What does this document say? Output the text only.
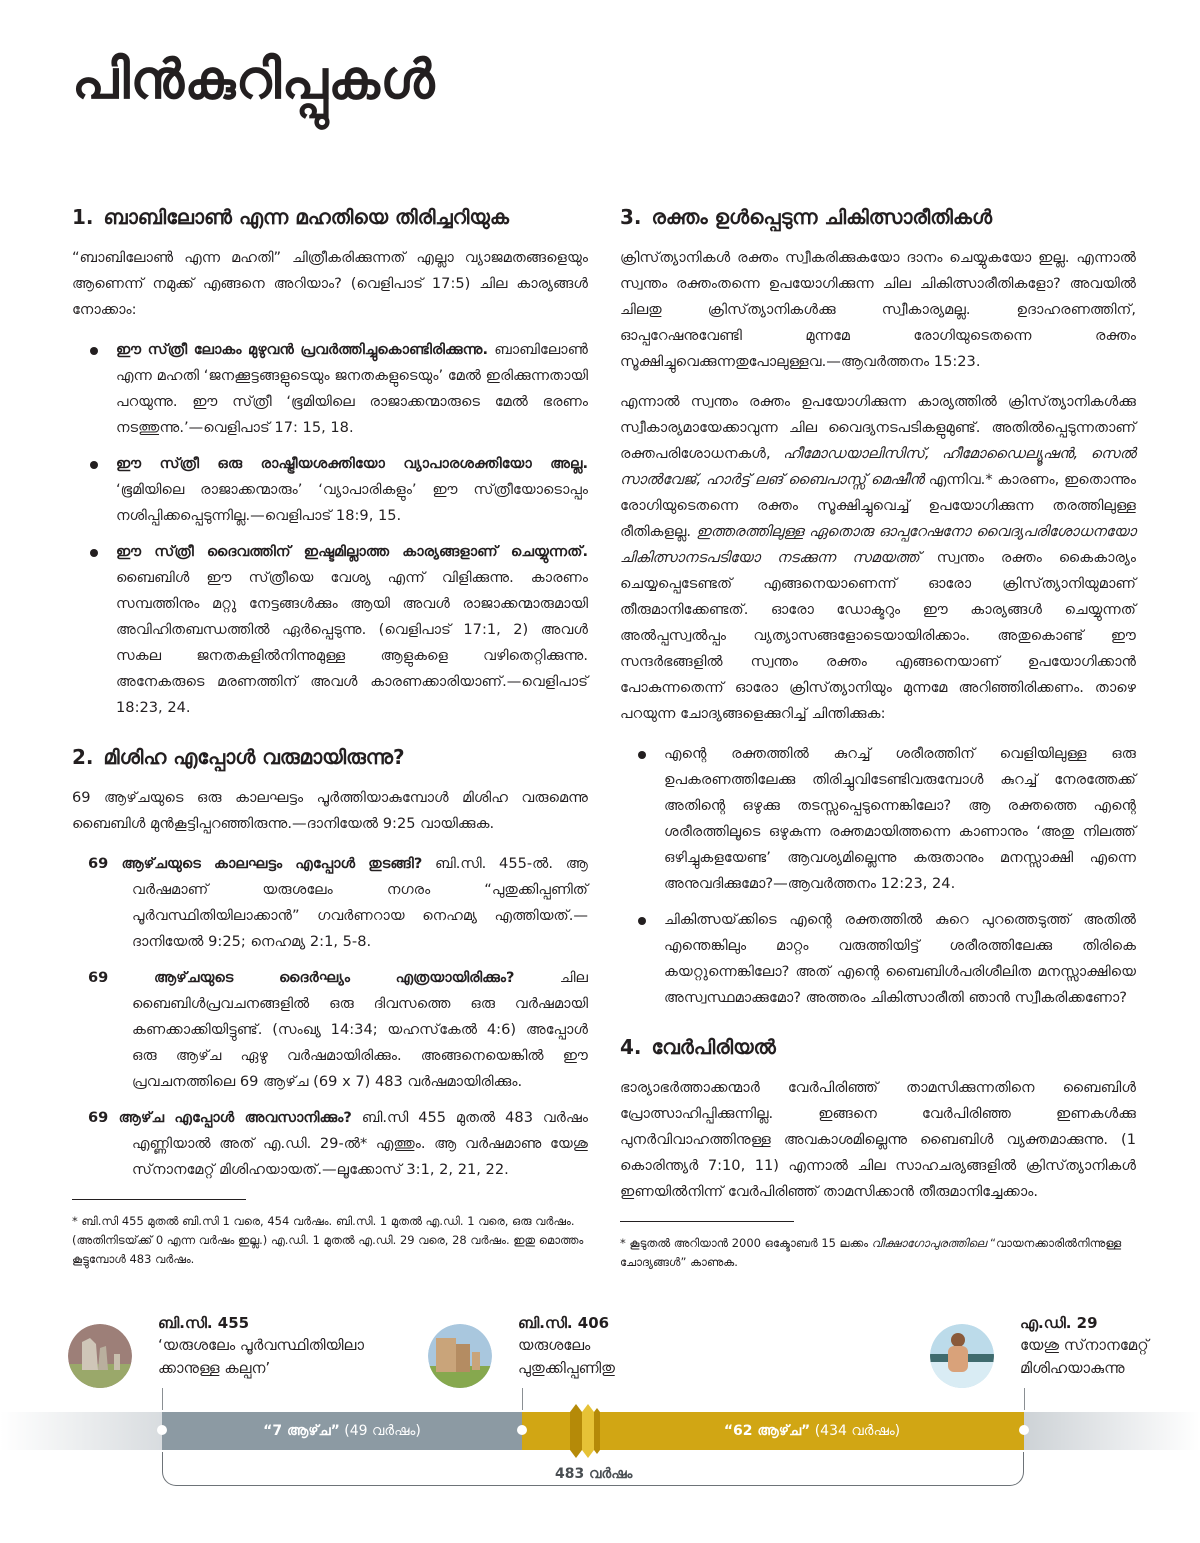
പിൻകുറിപ്പുകൾ
1. ബാബിലോൺ എന്ന മഹതിയെ തിരിച്ചറിയുക

“ബാബിലോൺ എന്ന മഹതി” ചിത്രീകരിക്കുന്നത് എല്ലാ വ്യാജമതങ്ങളെയും ആണെന്ന് നമുക്ക് എങ്ങനെ അറിയാം? (വെളിപാട് 17:5) ചില കാര്യങ്ങൾ നോക്കാം:

ഈ സ്‌ത്രീ ലോകം മുഴുവൻ പ്രവർത്തിച്ചുകൊണ്ടിരിക്കുന്നു. ബാബിലോൺ എന്ന മഹതി ‘ജനക്കൂട്ടങ്ങളുടെയും ജനതകളുടെയും’ മേൽ ഇരിക്കുന്നതായി പറയുന്നു. ഈ സ്‌ത്രീ ‘ഭൂമിയിലെ രാജാക്കന്മാരുടെ മേൽ ഭരണം നടത്തുന്നു.’—വെളിപാട് 17: 15, 18.
ഈ സ്‌ത്രീ ഒരു രാഷ്ട്രീയശക്തിയോ വ്യാപാരശക്തിയോ അല്ല. ‘ഭൂമിയിലെ രാജാക്കന്മാരും’ ‘വ്യാപാരികളും’ ഈ സ്‌ത്രീയോടൊപ്പം നശിപ്പിക്കപ്പെടുന്നില്ല.—വെളിപാട് 18:9, 15.
ഈ സ്‌ത്രീ ദൈവത്തിന് ഇഷ്ടമില്ലാത്ത കാര്യങ്ങളാണ് ചെയ്യുന്നത്. ബൈബിൾ ഈ സ്‌ത്രീയെ വേശ്യ എന്ന് വിളിക്കുന്നു. കാരണം സമ്പത്തിനും മറ്റു നേട്ടങ്ങൾക്കും ആയി അവൾ രാജാക്കന്മാരുമായി അവിഹിതബന്ധത്തിൽ ഏർപ്പെടുന്നു. (വെളിപാട് 17:1, 2) അവൾ സകല ജനതകളിൽനിന്നുമുള്ള ആളുകളെ വഴിതെറ്റിക്കുന്നു. അനേകരുടെ മരണത്തിന് അവൾ കാരണക്കാരിയാണ്.—വെളിപാട് 18:23, 24.
2. മിശിഹ എപ്പോൾ വരുമായിരുന്നു?

69 ആഴ്‌ചയുടെ ഒരു കാലഘട്ടം പൂർത്തിയാകുമ്പോൾ മിശിഹ വരുമെന്നു ബൈബിൾ മുൻകൂട്ടിപ്പറഞ്ഞിരുന്നു.—ദാനിയേൽ 9:25 വായിക്കുക.

69 ആഴ്‌ചയുടെ കാലഘട്ടം എപ്പോൾ തുടങ്ങി? ബി.സി. 455-ൽ. ആ വർഷമാണ് യരുശലേം നഗരം “പുതുക്കിപ്പണിത് പൂർവസ്ഥിതിയിലാക്കാൻ” ഗവർണറായ നെഹമ്യ എത്തിയത്.—ദാനിയേൽ 9:25; നെഹമ്യ 2:1, 5-8.
69 ആഴ്‌ചയുടെ ദൈർഘ്യം എത്രയായിരിക്കും? ചില ബൈബിൾപ്രവചനങ്ങളിൽ ഒരു ദിവസത്തെ ഒരു വർഷമായി കണക്കാക്കിയിട്ടുണ്ട്. (സംഖ്യ 14:34; യഹസ്‌കേൽ 4:6) അപ്പോൾ ഒരു ആഴ്‌ച ഏഴു വർഷമായിരിക്കും. അങ്ങനെയെങ്കിൽ ഈ പ്രവചനത്തിലെ 69 ആഴ്‌ച (69 x 7) 483 വർഷമായിരിക്കും.
69 ആഴ്‌ച എപ്പോൾ അവസാനിക്കും? ബി.സി 455 മുതൽ 483 വർഷം എണ്ണിയാൽ അത് എ.ഡി. 29-ൽ* എത്തും. ആ വർഷമാണു യേശു സ്‌നാനമേറ്റ് മിശിഹയായത്.—ലൂക്കോസ്‌ 3:1, 2, 21, 22.
* ബി.സി 455 മുതൽ ബി.സി 1 വരെ, 454 വർഷം. ബി.സി. 1 മുതൽ എ.ഡി. 1 വരെ, ഒരു വർഷം. (അതിനിടയ്‌ക്ക് 0 എന്ന വർഷം ഇല്ല.) എ.ഡി. 1 മുതൽ എ.ഡി. 29 വരെ, 28 വർഷം. ഇതു മൊത്തം കൂട്ടുമ്പോൾ 483 വർഷം.
3. രക്തം ഉൾപ്പെടുന്ന ചികിത്സാരീതികൾ

ക്രിസ്‌ത്യാനികൾ രക്തം സ്വീകരിക്കുകയോ ദാനം ചെയ്യുകയോ ഇല്ല. എന്നാൽ സ്വന്തം രക്തംതന്നെ ഉപയോഗിക്കുന്ന ചില ചികിത്സാരീതികളോ? അവയിൽ ചിലതു ക്രിസ്‌ത്യാനികൾക്കു സ്വീകാര്യമല്ല. ഉദാഹരണത്തിന്, ഓപ്പറേഷനുവേണ്ടി മുന്നമേ രോഗിയുടെതന്നെ രക്തം സൂക്ഷിച്ചുവെക്കുന്നതുപോലുള്ളവ.—ആവർത്തനം 15:23.

എന്നാൽ സ്വന്തം രക്തം ഉപയോഗിക്കുന്ന കാര്യത്തിൽ ക്രിസ്‌ത്യാനികൾക്കു സ്വീകാര്യമായേക്കാവുന്ന ചില വൈദ്യനടപടികളുമുണ്ട്. അതിൽപ്പെടുന്നതാണ് രക്തപരിശോധനകൾ, ഹീമോഡയാലിസിസ്‌, ഹീമോഡൈല്യൂഷൻ, സെൽ സാൽവേജ്‌, ഹാർട്ട്‌ ലങ്‌ ബൈപാസ്സ്‌ മെഷീൻ എന്നിവ.* കാരണം, ഇതൊന്നും രോഗിയുടെതന്നെ രക്തം സൂക്ഷിച്ചുവെച്ച് ഉപയോഗിക്കുന്ന തരത്തിലുള്ള രീതികളല്ല. ഇത്തരത്തിലുള്ള ഏതൊരു ഓപ്പറേഷനോ വൈദ്യപരിശോധനയോ ചികിത്സാനടപടിയോ നടക്കുന്ന സമയത്ത്‌ സ്വന്തം രക്തം കൈകാര്യം ചെയ്യപ്പെടേണ്ടത് എങ്ങനെയാണെന്ന് ഓരോ ക്രിസ്‌ത്യാനിയുമാണ് തീരുമാനിക്കേണ്ടത്. ഓരോ ഡോക്ടറും ഈ കാര്യങ്ങൾ ചെയ്യുന്നത് അൽപ്പസ്വൽപ്പം വ്യത്യാസങ്ങളോടെയായിരിക്കാം. അതുകൊണ്ട് ഈ സന്ദർഭങ്ങളിൽ സ്വന്തം രക്തം എങ്ങനെയാണ് ഉപയോഗിക്കാൻ പോകുന്നതെന്ന് ഓരോ ക്രിസ്‌ത്യാനിയും മുന്നമേ അറിഞ്ഞിരിക്കണം. താഴെ പറയുന്ന ചോദ്യങ്ങളെക്കുറിച്ച് ചിന്തിക്കുക:

എന്റെ രക്തത്തിൽ കുറച്ച് ശരീരത്തിന് വെളിയിലുള്ള ഒരു ഉപകരണത്തിലേക്കു തിരിച്ചുവിടേണ്ടിവരുമ്പോൾ കുറച്ച് നേരത്തേക്ക് അതിന്റെ ഒഴുക്കു തടസ്സപ്പെടുന്നെങ്കിലോ? ആ രക്തത്തെ എന്റെ ശരീരത്തിലൂടെ ഒഴുകുന്ന രക്തമായിത്തന്നെ കാണാനും ‘അതു നിലത്ത് ഒഴിച്ചുകളയേണ്ട’ ആവശ്യമില്ലെന്നു കരുതാനും മനസ്സാക്ഷി എന്നെ അനുവദിക്കുമോ?—ആവർത്തനം 12:23, 24.
ചികിത്സയ്‌ക്കിടെ എന്റെ രക്തത്തിൽ കുറെ പുറത്തെടുത്ത് അതിൽ എന്തെങ്കിലും മാറ്റം വരുത്തിയിട്ട് ശരീരത്തിലേക്കു തിരികെ കയറ്റുന്നെങ്കിലോ? അത് എന്റെ ബൈബിൾപരിശീലിത മനസ്സാക്ഷിയെ അസ്വസ്ഥമാക്കുമോ? അത്തരം ചികിത്സാരീതി ഞാൻ സ്വീകരിക്കണോ?
4. വേർപിരിയൽ

ഭാര്യാഭർത്താക്കന്മാർ വേർപിരിഞ്ഞ് താമസിക്കുന്നതിനെ ബൈബിൾ പ്രോത്സാഹിപ്പിക്കുന്നില്ല. ഇങ്ങനെ വേർപിരിഞ്ഞ ഇണകൾക്കു പുനർവിവാഹത്തിനുള്ള അവകാശമില്ലെന്നു ബൈബിൾ വ്യക്തമാക്കുന്നു. (1 കൊരിന്ത്യർ 7:10, 11) എന്നാൽ ചില സാഹചര്യങ്ങളിൽ ക്രിസ്‌ത്യാനികൾ ഇണയിൽനിന്ന് വേർപിരിഞ്ഞ് താമസിക്കാൻ തീരുമാനിച്ചേക്കാം.

* കൂടുതൽ അറിയാൻ 2000 ഒക്ടോബർ 15 ലക്കം വീക്ഷാഗോപുരത്തിലെ “വായനക്കാരിൽനിന്നുള്ള ചോദ്യങ്ങൾ” കാണുക.
ബി.സി. 455
‘യരുശലേം പൂർവസ്ഥിതിയിലാ
ക്കാനുള്ള കല്പന’
ബി.സി. 406
യരുശലേം
പുതുക്കിപ്പണിതു
എ.ഡി. 29
യേശു സ്‌നാനമേറ്റ്
മിശിഹയാകുന്നു
“7 ആഴ്‌ച” (49 വർഷം)	“62 ആഴ്‌ച” (434 വർഷം)
483 വർഷം
